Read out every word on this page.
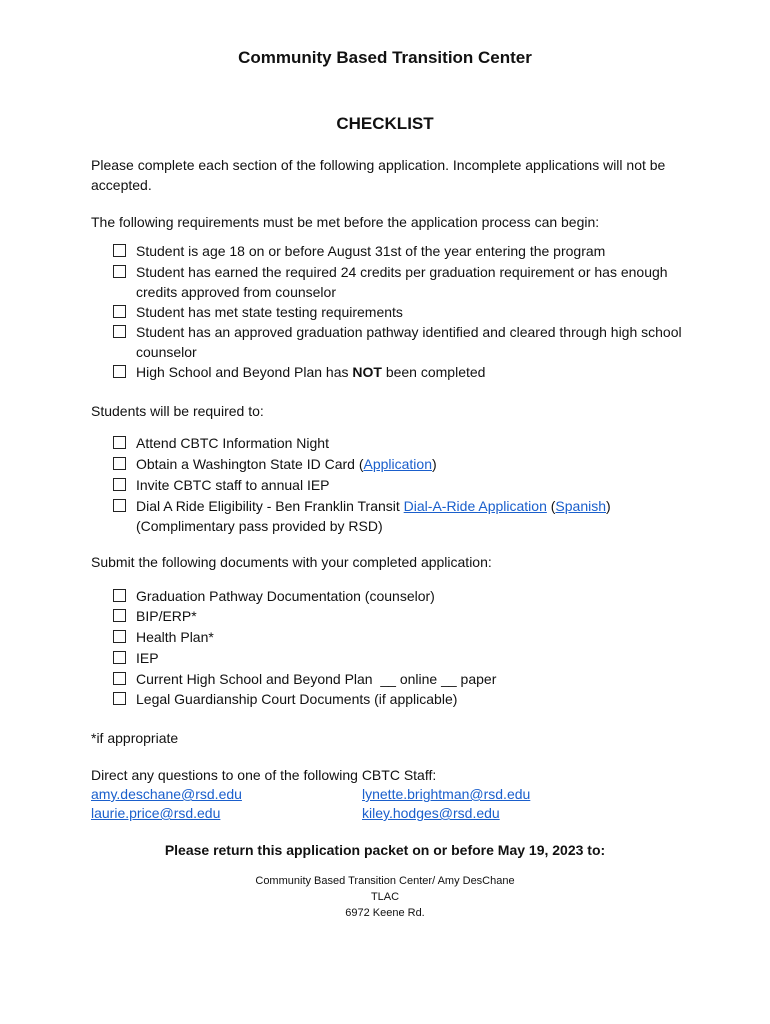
Community Based Transition Center
CHECKLIST
Please complete each section of the following application. Incomplete applications will not be accepted.
The following requirements must be met before the application process can begin:
Student is age 18 on or before August 31st of the year entering the program
Student has earned the required 24 credits per graduation requirement or has enough credits approved from counselor
Student has met state testing requirements
Student has an approved graduation pathway identified and cleared through high school counselor
High School and Beyond Plan has NOT been completed
Students will be required to:
Attend CBTC Information Night
Obtain a Washington State ID Card (Application)
Invite CBTC staff to annual IEP
Dial A Ride Eligibility - Ben Franklin Transit Dial-A-Ride Application (Spanish)
(Complimentary pass provided by RSD)
Submit the following documents with your completed application:
Graduation Pathway Documentation (counselor)
BIP/ERP*
Health Plan*
IEP
Current High School and Beyond Plan  __ online __ paper
Legal Guardianship Court Documents (if applicable)
*if appropriate
Direct any questions to one of the following CBTC Staff:
amy.deschane@rsd.edu	lynette.brightman@rsd.edu
laurie.price@rsd.edu	kiley.hodges@rsd.edu
Please return this application packet on or before May 19, 2023 to:
Community Based Transition Center/ Amy DesChane
TLAC
6972 Keene Rd.
